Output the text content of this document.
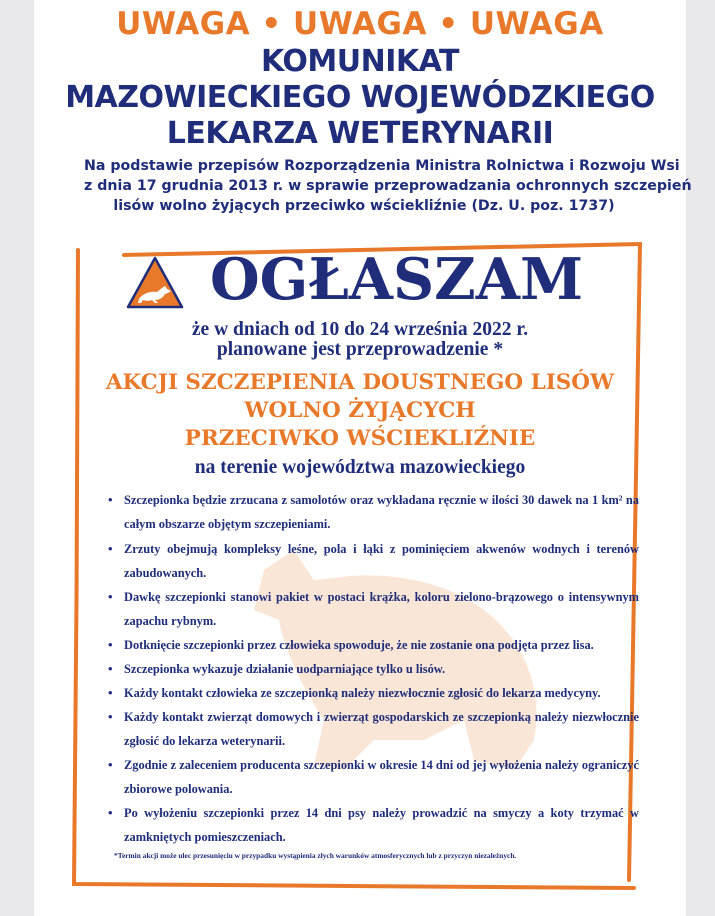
UWAGA • UWAGA • UWAGA
KOMUNIKAT
MAZOWIECKIEGO WOJEWÓDZKIEGO
LEKARZA WETERYNARII
Na podstawie przepisów Rozporządzenia Ministra Rolnictwa i Rozwoju Wsi
z dnia 17 grudnia 2013 r. w sprawie przeprowadzania ochronnych szczepień
lisów wolno żyjących przeciwko wściekliźnie (Dz. U. poz. 1737)
OGŁASZAM
że w dniach od 10 do 24 września 2022 r.
planowane jest przeprowadzenie *
AKCJI SZCZEPIENIA DOUSTNEGO LISÓW
WOLNO ŻYJĄCYCH
PRZECIWKO WŚCIEKLIŹNIE
na terenie województwa mazowieckiego
• Szczepionka będzie zrzucana z samolotów oraz wykładana ręcznie w ilości 30 dawek na 1 km² na całym obszarze objętym szczepieniami.
• Zrzuty obejmują kompleksy leśne, pola i łąki z pominięciem akwenów wodnych i terenów zabudowanych.
• Dawkę szczepionki stanowi pakiet w postaci krążka, koloru zielono-brązowego o intensywnym zapachu rybnym.
• Dotknięcie szczepionki przez człowieka spowoduje, że nie zostanie ona podjęta przez lisa.
• Szczepionka wykazuje działanie uodparniające tylko u lisów.
• Każdy kontakt człowieka ze szczepionką należy niezwłocznie zgłosić do lekarza medycyny.
• Każdy kontakt zwierząt domowych i zwierząt gospodarskich ze szczepionką należy niezwłocznie zgłosić do lekarza weterynarii.
• Zgodnie z zaleceniem producenta szczepionki w okresie 14 dni od jej wyłożenia należy ograniczyć zbiorowe polowania.
• Po wyłożeniu szczepionki przez 14 dni psy należy prowadzić na smyczy a koty trzymać w zamkniętych pomieszczeniach.
*Termin akcji może ulec przesunięciu w przypadku wystąpienia złych warunków atmosferycznych lub z przyczyn niezależnych.
